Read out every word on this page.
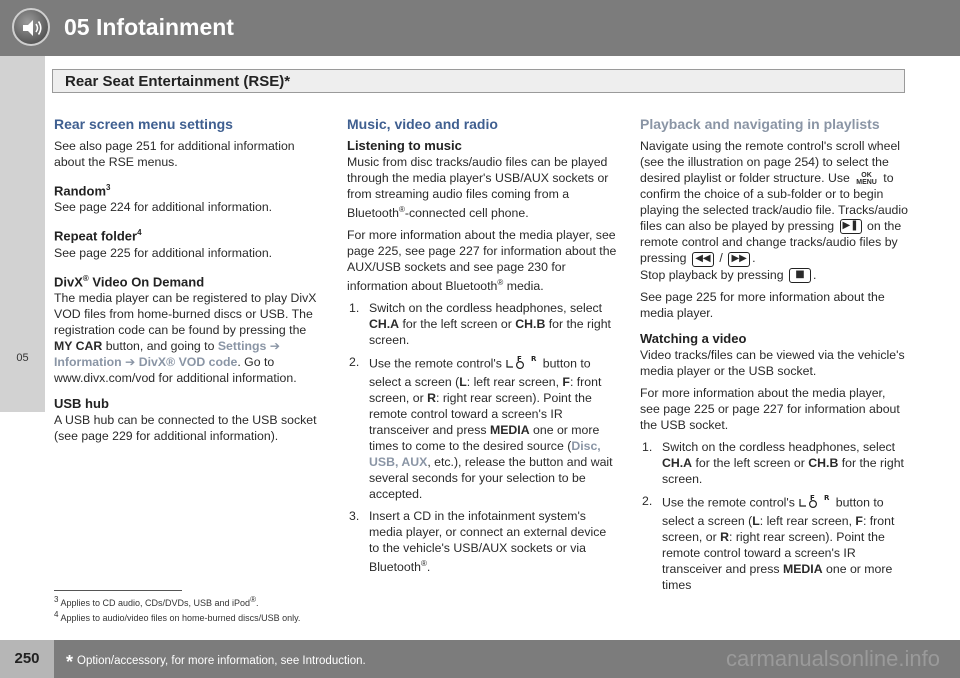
05 Infotainment
05
Rear Seat Entertainment (RSE)*
Rear screen menu settings

See also page 251 for additional information about the RSE menus.

Random$^3$

See page 224 for additional information.

Repeat folder$^4$

See page 225 for additional information.

DivX® Video On Demand

The media player can be registered to play DivX VOD files from home-burned discs or USB. The registration code can be found by pressing the MY CAR button, and going to Settings ➔ Information ➔ DivX® VOD code. Go to www.divx.com/vod for additional information.

USB hub

A USB hub can be connected to the USB socket (see page 229 for additional information).

Music, video and radio
Listening to music

Music from disc tracks/audio files can be played through the media player's USB/AUX sockets or from streaming audio files coming from a Bluetooth®-connected cell phone.

For more information about the media player, see page 225, see page 227 for information about the AUX/USB sockets and see page 230 for information about Bluetooth® media.

1. Switch on the cordless headphones, select CH.A for the left screen or CH.B for the right screen.
2. Use the remote control's F R button to select a screen (L: left rear screen, F: front screen, or R: right rear screen). Point the remote control toward a screen's IR transceiver and press MEDIA one or more times to come to the desired source (Disc, USB, AUX, etc.), release the button and wait several seconds for your selection to be accepted.
3. Insert a CD in the infotainment system's media player, or connect an external device to the vehicle's USB/AUX sockets or via Bluetooth®.
Playback and navigating in playlists

Navigate using the remote control's scroll wheel (see the illustration on page 254) to select the desired playlist or folder structure. Use OK
MENU to confirm the choice of a sub-folder or to begin playing the selected track/audio file. Tracks/audio files can also be played by pressing ▶❚ on the remote control and change tracks/audio files by pressing ◀◀ / ▶▶ .
Stop playback by pressing ■ .

See page 225 for more information about the media player.

Watching a video

Video tracks/files can be viewed via the vehicle's media player or the USB socket.

For more information about the media player, see page 225 or page 227 for information about the USB socket.

1. Switch on the cordless headphones, select CH.A for the left screen or CH.B for the right screen.
2. Use the remote control's F R button to select a screen (L: left rear screen, F: front screen, or R: right rear screen). Point the remote control toward a screen's IR transceiver and press MEDIA one or more times
3 Applies to CD audio, CDs/DVDs, USB and iPod®.
4 Applies to audio/video files on home-burned discs/USB only.
250	* Option/accessory, for more information, see Introduction.	carmanualsonline.info
